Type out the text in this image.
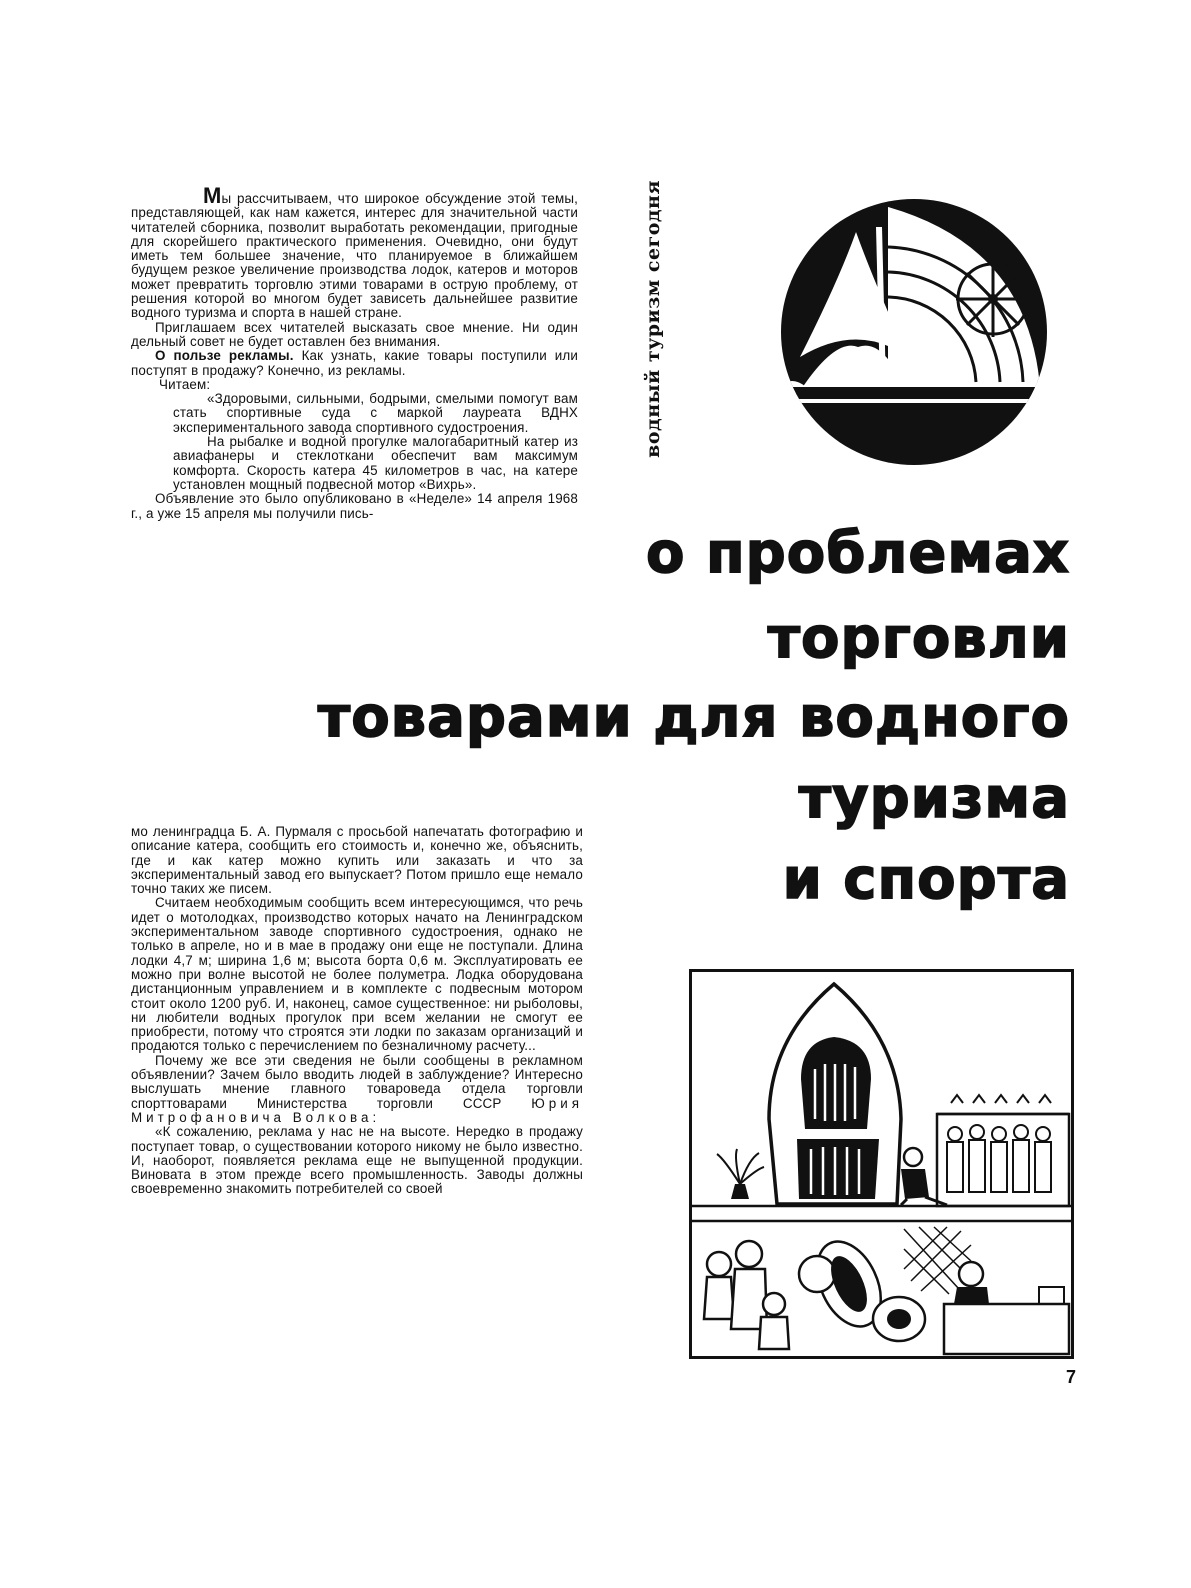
Мы рассчитываем, что широкое обсуждение этой темы, представляющей, как нам кажется, интерес для значительной части читателей сборника, позволит выработать рекомендации, пригодные для скорейшего практического применения. Очевидно, они будут иметь тем большее значение, что планируемое в ближайшем будущем резкое увеличение производства лодок, катеров и моторов может превратить торговлю этими товарами в острую проблему, от решения которой во многом будет зависеть дальнейшее развитие водного туризма и спорта в нашей стране.

Приглашаем всех читателей высказать свое мнение. Ни один дельный совет не будет оставлен без внимания.

О пользе рекламы. Как узнать, какие товары поступили или поступят в продажу? Конечно, из рекламы.

Читаем:

«Здоровыми, сильными, бодрыми, смелыми помогут вам стать спортивные суда с маркой лауреата ВДНХ экспериментального завода спортивного судостроения.

На рыбалке и водной прогулке малогабаритный катер из авиафанеры и стеклоткани обеспечит вам максимум комфорта. Скорость катера 45 километров в час, на катере установлен мощный подвесной мотор «Вихрь».

Объявление это было опубликовано в «Неделе» 14 апреля 1968 г., а уже 15 апреля мы получили пись-

водный туризм сегодня
о проблемах
торговли
товарами для водного
туризма
и спорта

мо ленинградца Б. А. Пурмаля с просьбой напечатать фотографию и описание катера, сообщить его стоимость и, конечно же, объяснить, где и как катер можно купить или заказать и что за экспериментальный завод его выпускает? Потом пришло еще немало точно таких же писем.

Считаем необходимым сообщить всем интересующимся, что речь идет о мотолодках, производство которых начато на Ленинградском экспериментальном заводе спортивного судостроения, однако не только в апреле, но и в мае в продажу они еще не поступали. Длина лодки 4,7 м; ширина 1,6 м; высота борта 0,6 м. Эксплуатировать ее можно при волне высотой не более полуметра. Лодка оборудована дистанционным управлением и в комплекте с подвесным мотором стоит около 1200 руб. И, наконец, самое существенное: ни рыболовы, ни любители водных прогулок при всем желании не смогут ее приобрести, потому что строятся эти лодки по заказам организаций и продаются только с перечислением по безналичному расчету...

Почему же все эти сведения не были сообщены в рекламном объявлении? Зачем было вводить людей в заблуждение? Интересно выслушать мнение главного товароведа отдела торговли спорттоварами Министерства торговли СССР Юрия Митрофановича Волкова:

«К сожалению, реклама у нас не на высоте. Нередко в продажу поступает товар, о существовании которого никому не было известно. И, наоборот, появляется реклама еще не выпущенной продукции. Виновата в этом прежде всего промышленность. Заводы должны своевременно знакомить потребителей со своей

7
